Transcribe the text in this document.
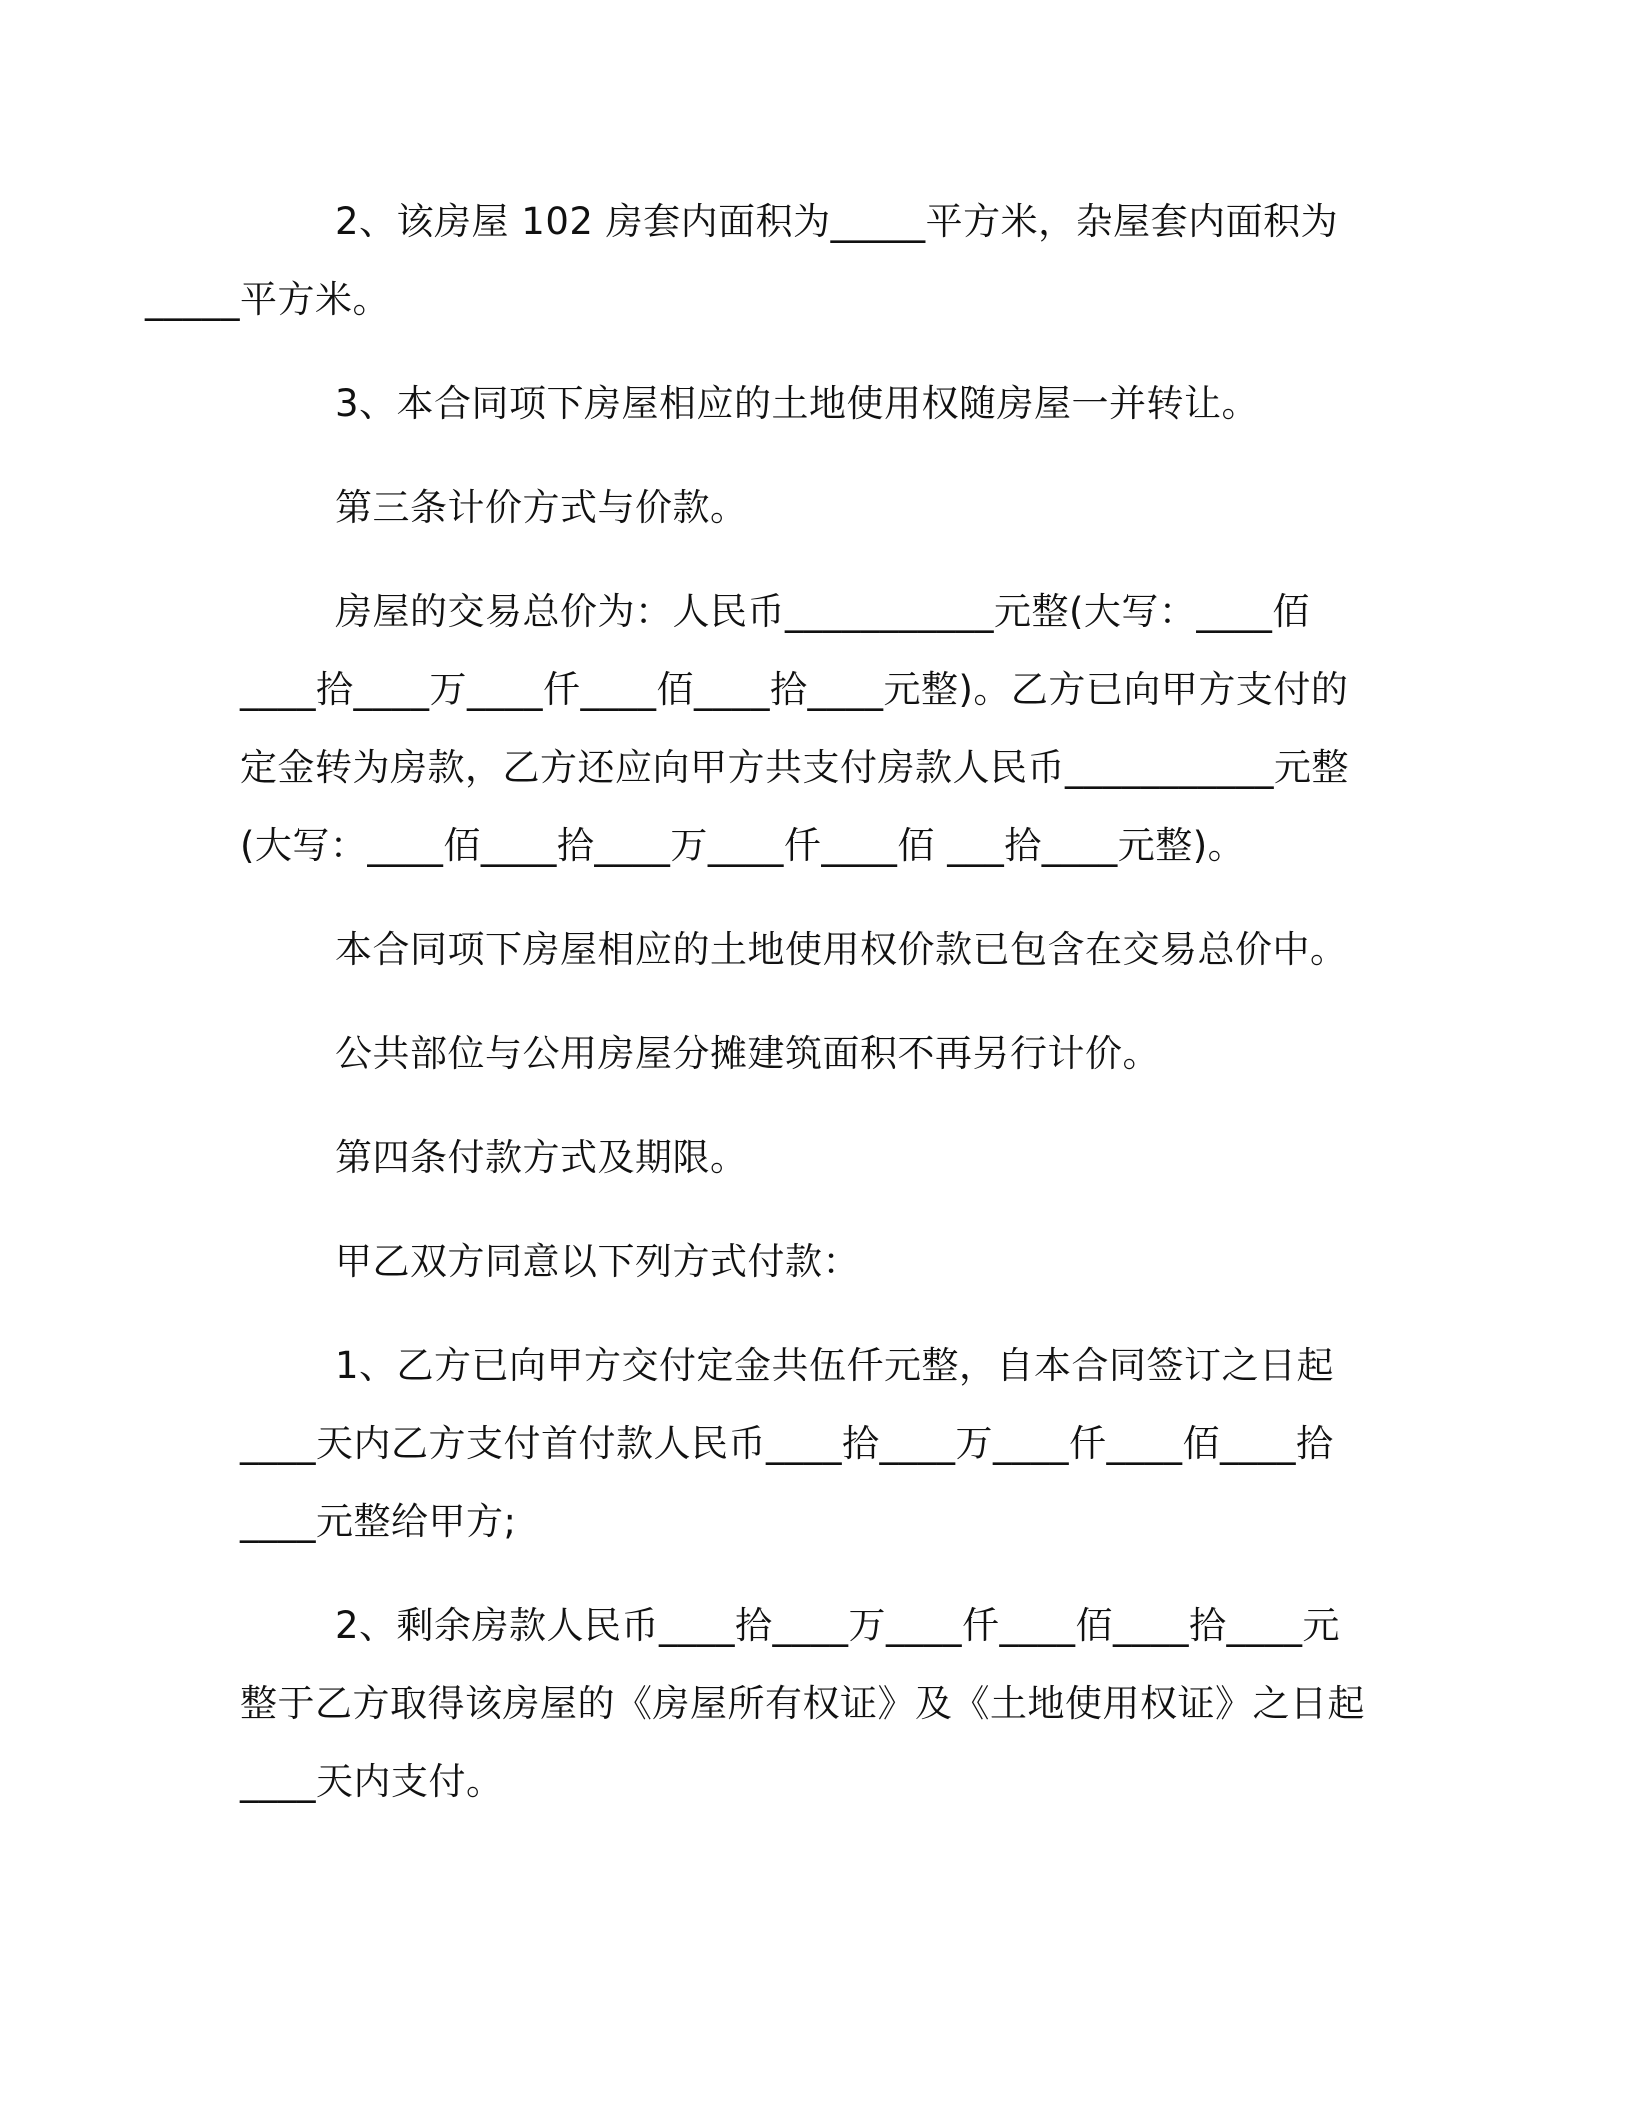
2、该房屋 102 房套内面积为_____平方米，杂屋套内面积为
_____平方米。

3、本合同项下房屋相应的土地使用权随房屋一并转让。

第三条计价方式与价款。

房屋的交易总价为：人民币___________元整(大写：____佰
____拾____万____仟____佰____拾____元整)。乙方已向甲方支付的
定金转为房款，乙方还应向甲方共支付房款人民币___________元整
(大写：____佰____拾____万____仟____佰 ___拾____元整)。

本合同项下房屋相应的土地使用权价款已包含在交易总价中。

公共部位与公用房屋分摊建筑面积不再另行计价。

第四条付款方式及期限。

甲乙双方同意以下列方式付款：

1、乙方已向甲方交付定金共伍仟元整，自本合同签订之日起
____天内乙方支付首付款人民币____拾____万____仟____佰____拾
____元整给甲方;

2、剩余房款人民币____拾____万____仟____佰____拾____元
整于乙方取得该房屋的《房屋所有权证》及《土地使用权证》之日起
____天内支付。
